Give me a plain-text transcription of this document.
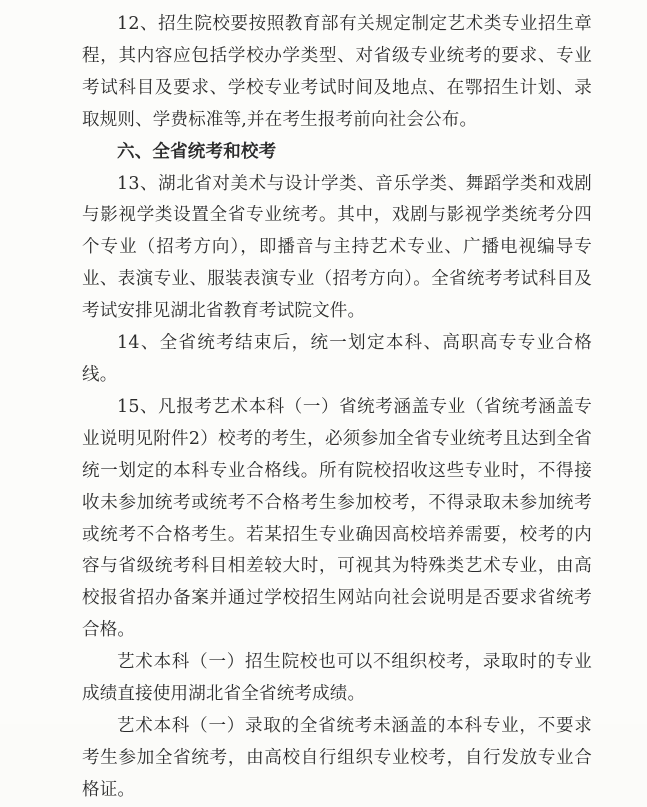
12、招生院校要按照教育部有关规定制定艺术类专业招生章程，其内容应包括学校办学类型、对省级专业统考的要求、专业考试科目及要求、学校专业考试时间及地点、在鄂招生计划、录取规则、学费标准等,并在考生报考前向社会公布。

六、全省统考和校考

13、湖北省对美术与设计学类、音乐学类、舞蹈学类和戏剧与影视学类设置全省专业统考。其中，戏剧与影视学类统考分四个专业（招考方向），即播音与主持艺术专业、广播电视编导专业、表演专业、服装表演专业（招考方向）。全省统考考试科目及考试安排见湖北省教育考试院文件。

14、全省统考结束后，统一划定本科、高职高专专业合格线。

15、凡报考艺术本科（一）省统考涵盖专业（省统考涵盖专业说明见附件2）校考的考生，必须参加全省专业统考且达到全省统一划定的本科专业合格线。所有院校招收这些专业时，不得接收未参加统考或统考不合格考生参加校考，不得录取未参加统考或统考不合格考生。若某招生专业确因高校培养需要，校考的内容与省级统考科目相差较大时，可视其为特殊类艺术专业，由高校报省招办备案并通过学校招生网站向社会说明是否要求省统考合格。

艺术本科（一）招生院校也可以不组织校考，录取时的专业成绩直接使用湖北省全省统考成绩。

艺术本科（一）录取的全省统考未涵盖的本科专业，不要求考生参加全省统考，由高校自行组织专业校考，自行发放专业合格证。
